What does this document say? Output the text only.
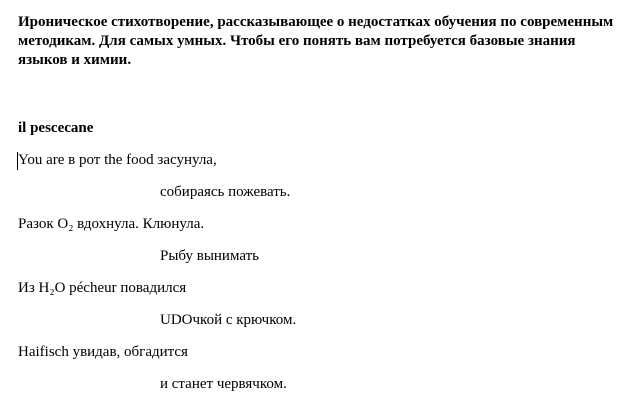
Ироническое стихотворение, рассказывающее о недостатках обучения по современным методикам. Для самых умных. Чтобы его понять вам потребуется базовые знания языков и химии.

il pescecane

You are в рот the food засунула,

собираясь пожевать.

Разок O₂ вдохнула. Клюнула.

Рыбу вынимать

Из H₂O pécheur повадился

UDOчкой с крючком.

Haifisch увидав, обгадится

и станет червячком.
